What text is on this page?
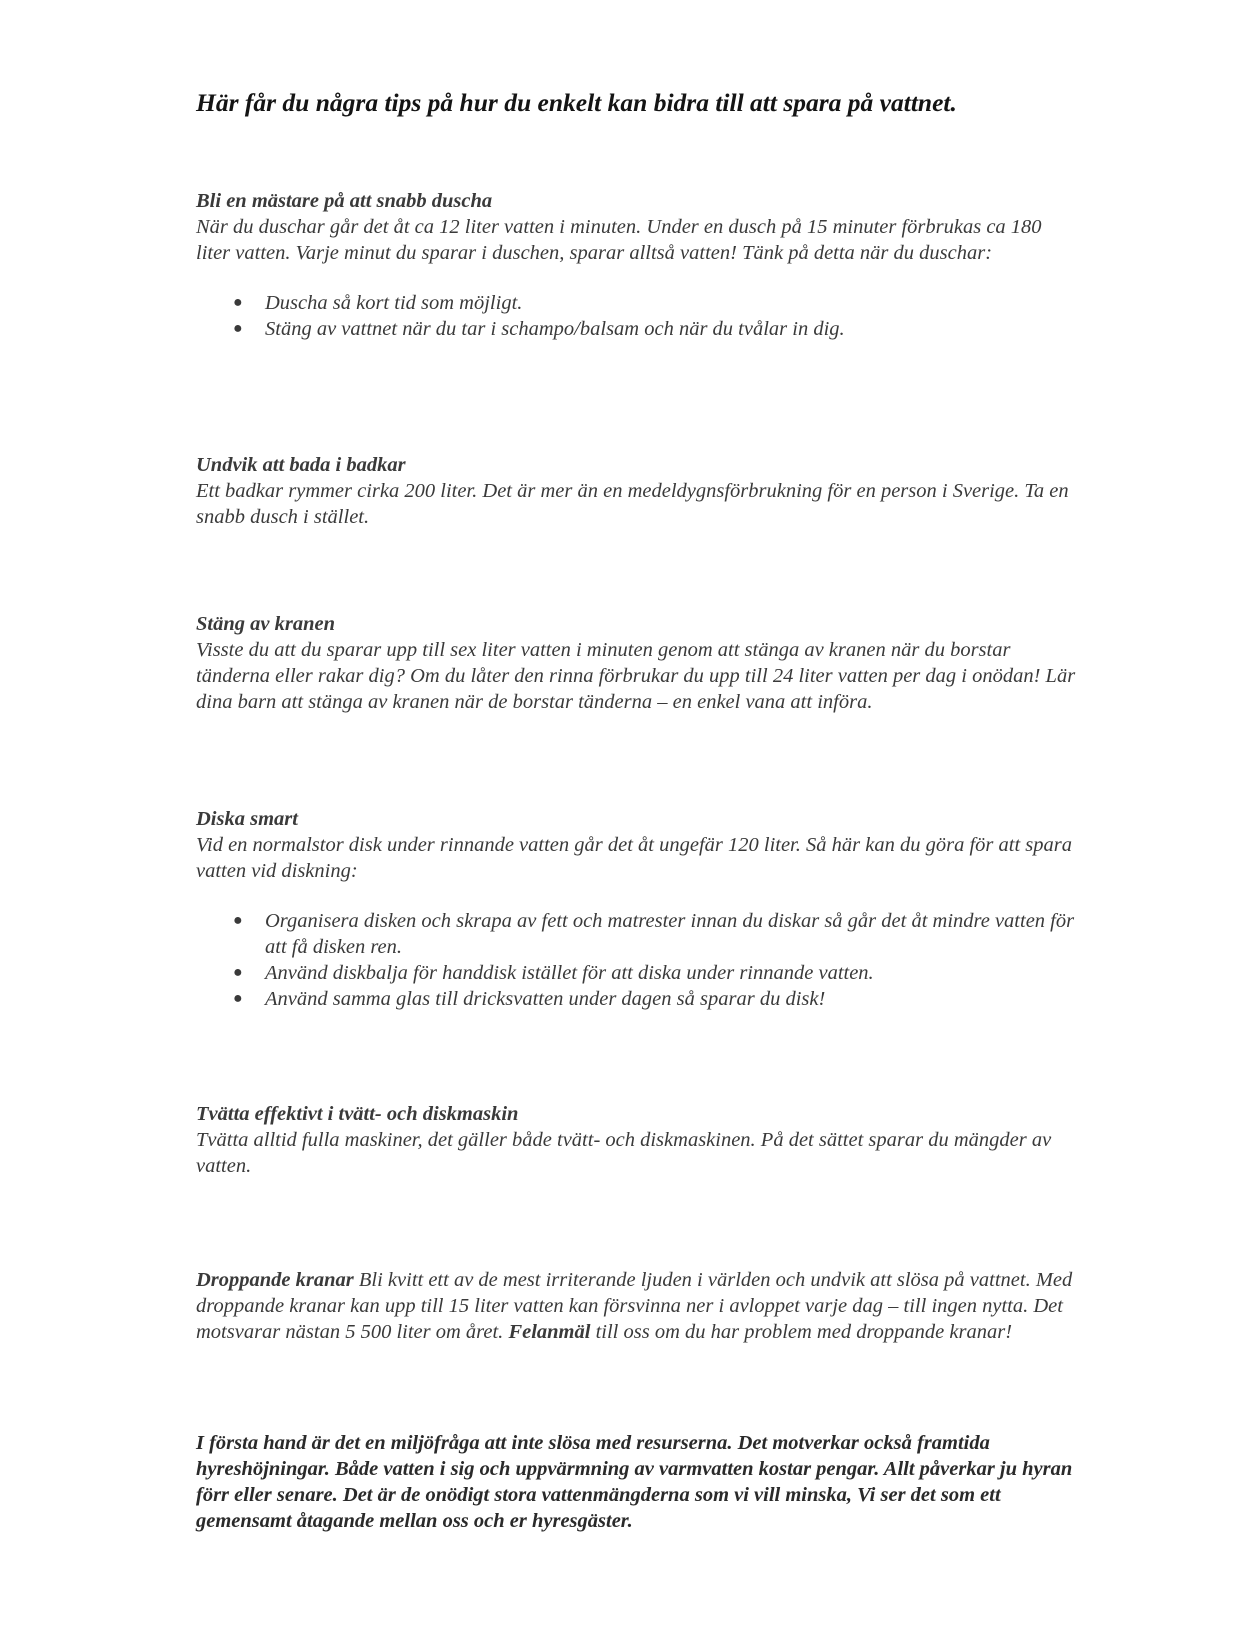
Här får du några tips på hur du enkelt kan bidra till att spara på vattnet.
Bli en mästare på att snabb duscha

När du duschar går det åt ca 12 liter vatten i minuten. Under en dusch på 15 minuter förbrukas ca 180 liter vatten. Varje minut du sparar i duschen, sparar alltså vatten! Tänk på detta när du duschar:

● Duscha så kort tid som möjligt.
● Stäng av vattnet när du tar i schampo/balsam och när du tvålar in dig.
Undvik att bada i badkar

Ett badkar rymmer cirka 200 liter. Det är mer än en medeldygnsförbrukning för en person i Sverige. Ta en snabb dusch i stället.

Stäng av kranen

Visste du att du sparar upp till sex liter vatten i minuten genom att stänga av kranen när du borstar tänderna eller rakar dig? Om du låter den rinna förbrukar du upp till 24 liter vatten per dag i onödan! Lär dina barn att stänga av kranen när de borstar tänderna – en enkel vana att införa.

Diska smart

Vid en normalstor disk under rinnande vatten går det åt ungefär 120 liter. Så här kan du göra för att spara vatten vid diskning:

● Organisera disken och skrapa av fett och matrester innan du diskar så går det åt mindre vatten för att få disken ren.
● Använd diskbalja för handdisk istället för att diska under rinnande vatten.
● Använd samma glas till dricksvatten under dagen så sparar du disk!
Tvätta effektivt i tvätt- och diskmaskin

Tvätta alltid fulla maskiner, det gäller både tvätt- och diskmaskinen. På det sättet sparar du mängder av vatten.

Droppande kranar Bli kvitt ett av de mest irriterande ljuden i världen och undvik att slösa på vattnet. Med droppande kranar kan upp till 15 liter vatten kan försvinna ner i avloppet varje dag – till ingen nytta. Det motsvarar nästan 5 500 liter om året. Felanmäl till oss om du har problem med droppande kranar!

I första hand är det en miljöfråga att inte slösa med resurserna. Det motverkar också framtida hyreshöjningar. Både vatten i sig och uppvärmning av varmvatten kostar pengar. Allt påverkar ju hyran förr eller senare. Det är de onödigt stora vattenmängderna som vi vill minska, Vi ser det som ett gemensamt åtagande mellan oss och er hyresgäster.
